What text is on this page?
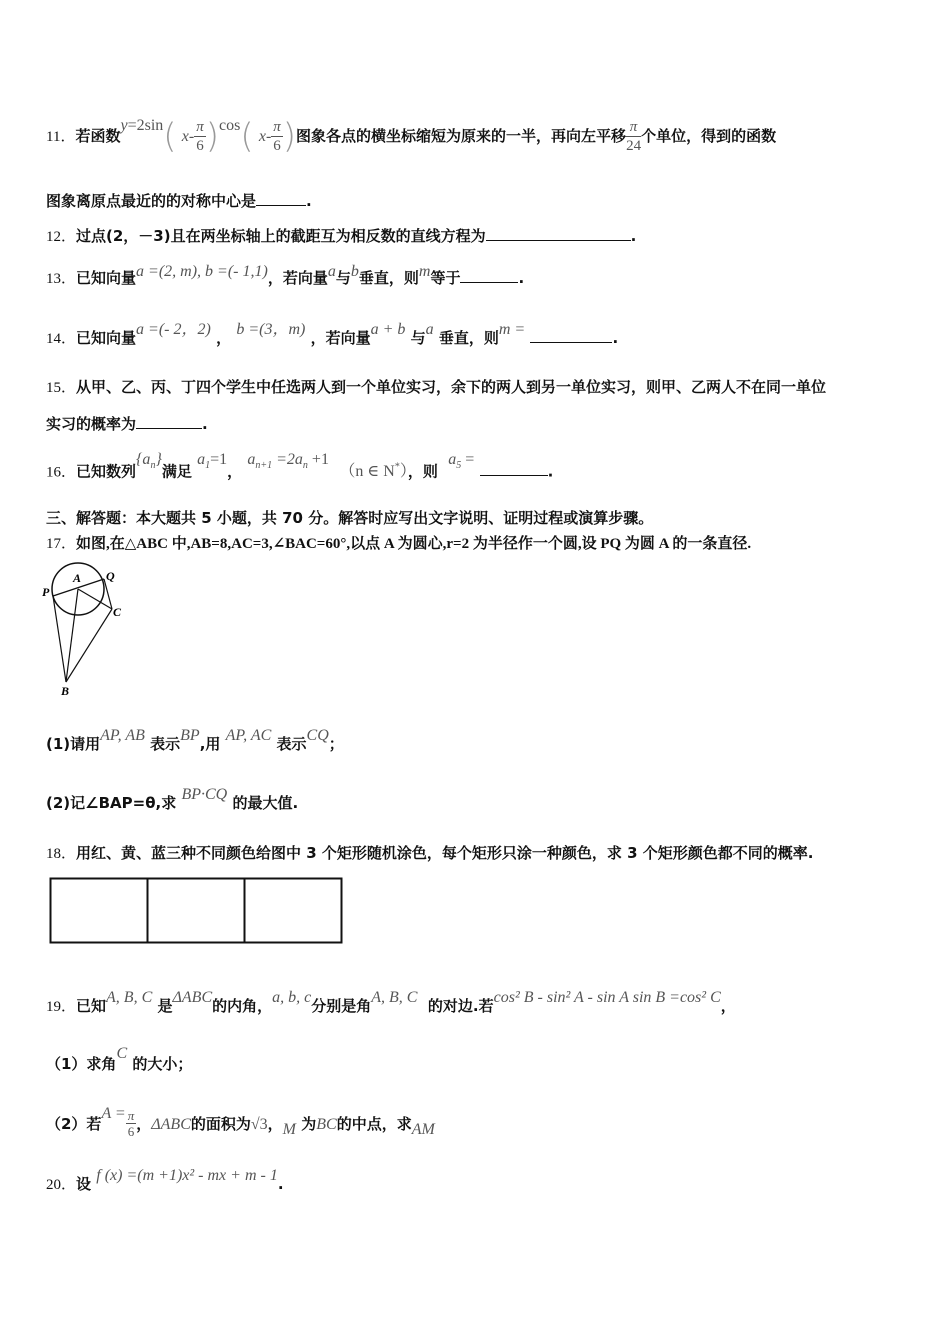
11．若函数y=2sin( $x- \frac{\pi}{6} )\cos$( $x- \frac{\pi}{6}$ )图象各点的横坐标缩短为原来的一半，再向左平移 $\frac{\pi}{24}$ 个单位，得到的函数
图象离原点最近的的对称中心是	.
12．过点(2，－3)且在两坐标轴上的截距互为相反数的直线方程为	.
13．已知向量a =(2, m), b =(- 1,1)，若向量a与b垂直，则m等于	.
14．已知向量a =(- 2，2) ， b =(3，m) ，若向量a + b 与a 垂直，则m =	.
15．从甲、乙、丙、丁四个学生中任选两人到一个单位实习，余下的两人到另一单位实习，则甲、乙两人不在同一单位
实习的概率为	.
16．已知数列$\{a_n\}$满足 $a_1=1$， $a_{n+1} =2a_n +1$  （n ∈ N*），则  $a_5$ = .
三、解答题：本大题共 5 小题，共 70 分。解答时应写出文字说明、证明过程或演算步骤。
17．如图,在△ABC 中,AB=8,AC=3,∠BAC=60°,以点 A 为圆心,r=2 为半径作一个圆,设 PQ 为圆 A 的一条直径.
A Q
P
C
B
(1)请用AP, AB 表示BP,用 AP, AC 表示CQ；
(2)记∠BAP=θ,求 BP·CQ 的最大值.
18．用红、黄、蓝三种不同颜色给图中 3 个矩形随机涂色，每个矩形只涂一种颜色，求 3 个矩形颜色都不同的概率.
19．已知A, B, C 是ΔABC的内角，a, b, c分别是角A, B, C 的对边.若cos² B - sin² A - sin A sin B =cos² C，
（1）求角C 的大小；
（2）若$A = \frac{\pi}{6}$ ，ΔABC的面积为√3，M 为BC的中点，求AM
20．设 f (x) =(m +1)x² - mx + m - 1.
